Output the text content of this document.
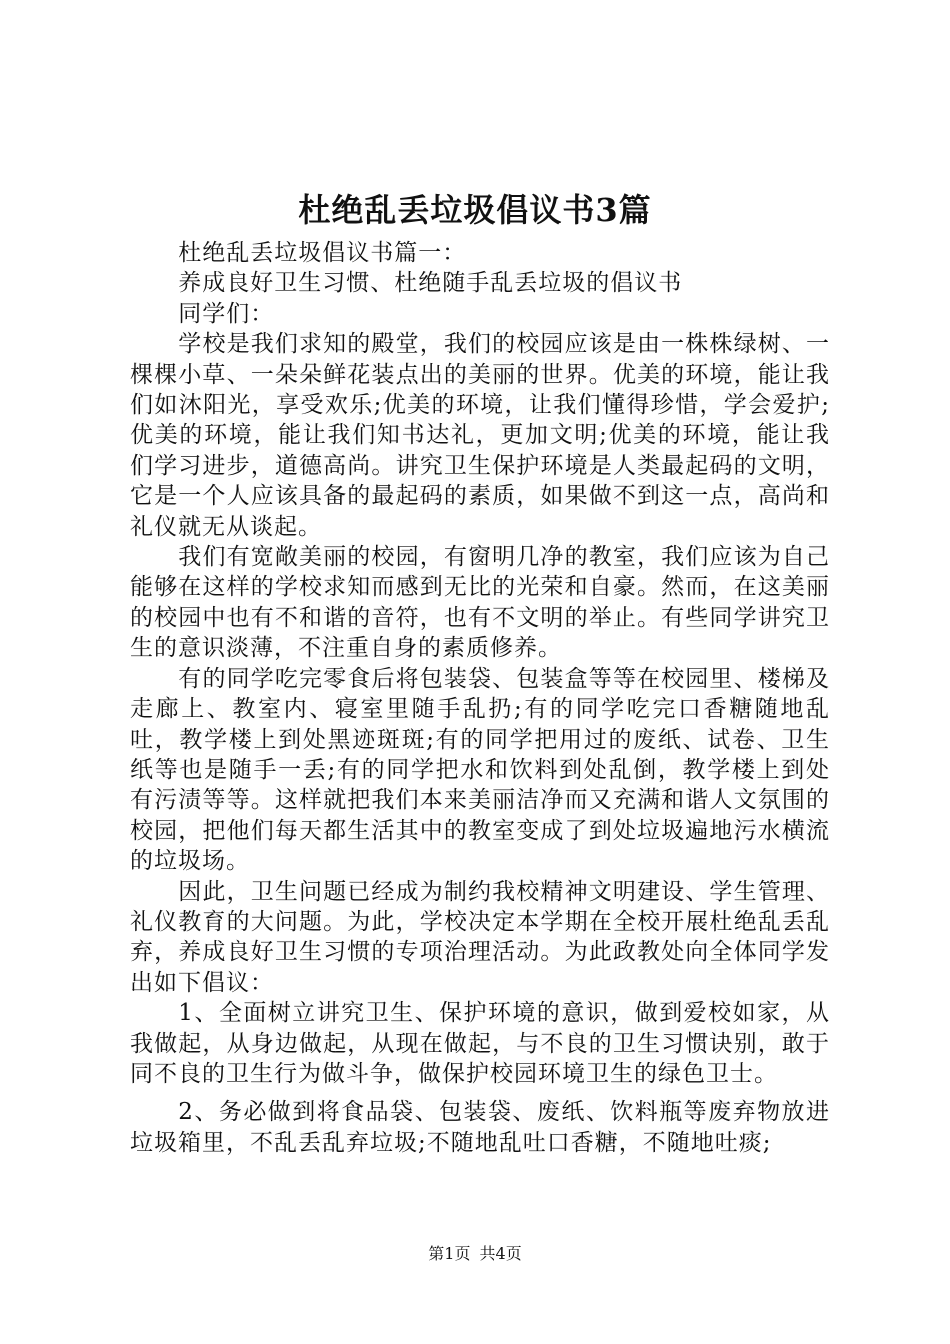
杜绝乱丢垃圾倡议书3篇

杜绝乱丢垃圾倡议书篇一：

养成良好卫生习惯、杜绝随手乱丢垃圾的倡议书

同学们：

学校是我们求知的殿堂，我们的校园应该是由一株株绿树、一棵棵小草、一朵朵鲜花装点出的美丽的世界。优美的环境，能让我们如沐阳光，享受欢乐;优美的环境，让我们懂得珍惜，学会爱护;优美的环境，能让我们知书达礼，更加文明;优美的环境，能让我们学习进步，道德高尚。讲究卫生保护环境是人类最起码的文明，它是一个人应该具备的最起码的素质，如果做不到这一点，高尚和礼仪就无从谈起。

我们有宽敞美丽的校园，有窗明几净的教室，我们应该为自己能够在这样的学校求知而感到无比的光荣和自豪。然而，在这美丽的校园中也有不和谐的音符，也有不文明的举止。有些同学讲究卫生的意识淡薄，不注重自身的素质修养。

有的同学吃完零食后将包装袋、包装盒等等在校园里、楼梯及走廊上、教室内、寝室里随手乱扔;有的同学吃完口香糖随地乱吐，教学楼上到处黑迹斑斑;有的同学把用过的废纸、试卷、卫生纸等也是随手一丢;有的同学把水和饮料到处乱倒，教学楼上到处有污渍等等。这样就把我们本来美丽洁净而又充满和谐人文氛围的校园，把他们每天都生活其中的教室变成了到处垃圾遍地污水横流的垃圾场。

因此，卫生问题已经成为制约我校精神文明建设、学生管理、礼仪教育的大问题。为此，学校决定本学期在全校开展杜绝乱丢乱弃，养成良好卫生习惯的专项治理活动。为此政教处向全体同学发出如下倡议：

1、全面树立讲究卫生、保护环境的意识，做到爱校如家，从我做起，从身边做起，从现在做起，与不良的卫生习惯诀别，敢于同不良的卫生行为做斗争，做保护校园环境卫生的绿色卫士。

2、务必做到将食品袋、包装袋、废纸、饮料瓶等废弃物放进垃圾箱里，不乱丢乱弃垃圾;不随地乱吐口香糖，不随地吐痰;

第1页 共4页
